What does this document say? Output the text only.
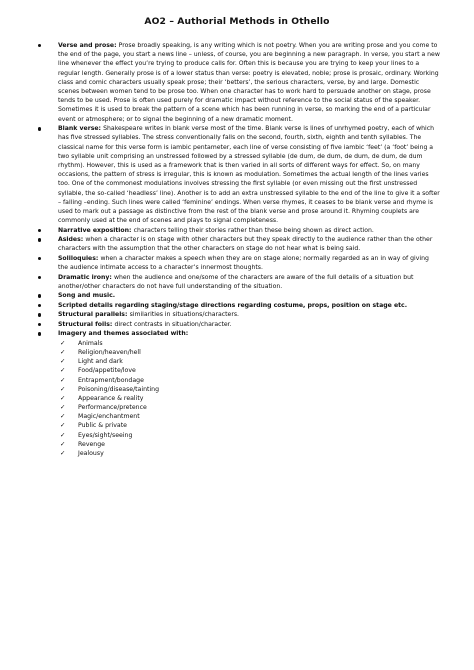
AO2 – Authorial Methods in Othello
Verse and prose: Prose broadly speaking, is any writing which is not poetry. When you are writing prose and you come to the end of the page, you start a news line – unless, of course, you are beginning a new paragraph. In verse, you start a new line whenever the effect you’re trying to produce calls for. Often this is because you are trying to keep your lines to a regular length. Generally prose is of a lower status than verse: poetry is elevated, noble; prose is prosaic, ordinary. Working class and comic characters usually speak prose; their ‘betters’, the serious characters, verse, by and large. Domestic scenes between women tend to be prose too. When one character has to work hard to persuade another on stage, prose tends to be used. Prose is often used purely for dramatic impact without reference to the social status of the speaker. Sometimes it is used to break the pattern of a scene which has been running in verse, so marking the end of a particular event or atmosphere; or to signal the beginning of a new dramatic moment.
Blank verse: Shakespeare writes in blank verse most of the time. Blank verse is lines of unrhymed poetry, each of which has five stressed syllables. The stress conventionally falls on the second, fourth, sixth, eighth and tenth syllables. The classical name for this verse form is iambic pentameter, each line of verse consisting of five iambic ‘feet’ (a ‘foot’ being a two syllable unit comprising an unstressed followed by a stressed syllable (de dum, de dum, de dum, de dum, de dum rhythm). However, this is used as a framework that is then varied in all sorts of different ways for effect. So, on many occasions, the pattern of stress is irregular, this is known as modulation. Sometimes the actual length of the lines varies too. One of the commonest modulations involves stressing the first syllable (or even missing out the first unstressed syllable, the so-called ‘headless’ line). Another is to add an extra unstressed syllable to the end of the line to give it a softer – falling –ending. Such lines were called ‘feminine’ endings. When verse rhymes, it ceases to be blank verse and rhyme is used to mark out a passage as distinctive from the rest of the blank verse and prose around it. Rhyming couplets are commonly used at the end of scenes and plays to signal completeness.
Narrative exposition: characters telling their stories rather than these being shown as direct action.
Asides: when a character is on stage with other characters but they speak directly to the audience rather than the other characters with the assumption that the other characters on stage do not hear what is being said.
Soliloquies: when a character makes a speech when they are on stage alone; normally regarded as an in way of giving the audience intimate access to a character’s innermost thoughts.
Dramatic irony: when the audience and one/some of the characters are aware of the full details of a situation but another/other characters do not have full understanding of the situation.
Song and music.
Scripted details regarding staging/stage directions regarding costume, props, position on stage etc.
Structural parallels: similarities in situations/characters.
Structural foils: direct contrasts in situation/character.
Imagery and themes associated with:
✓ Animals
✓ Religion/heaven/hell
✓ Light and dark
✓ Food/appetite/love
✓ Entrapment/bondage
✓ Poisoning/disease/tainting
✓ Appearance & reality
✓ Performance/pretence
✓ Magic/enchantment
✓ Public & private
✓ Eyes/sight/seeing
✓ Revenge
✓ Jealousy
